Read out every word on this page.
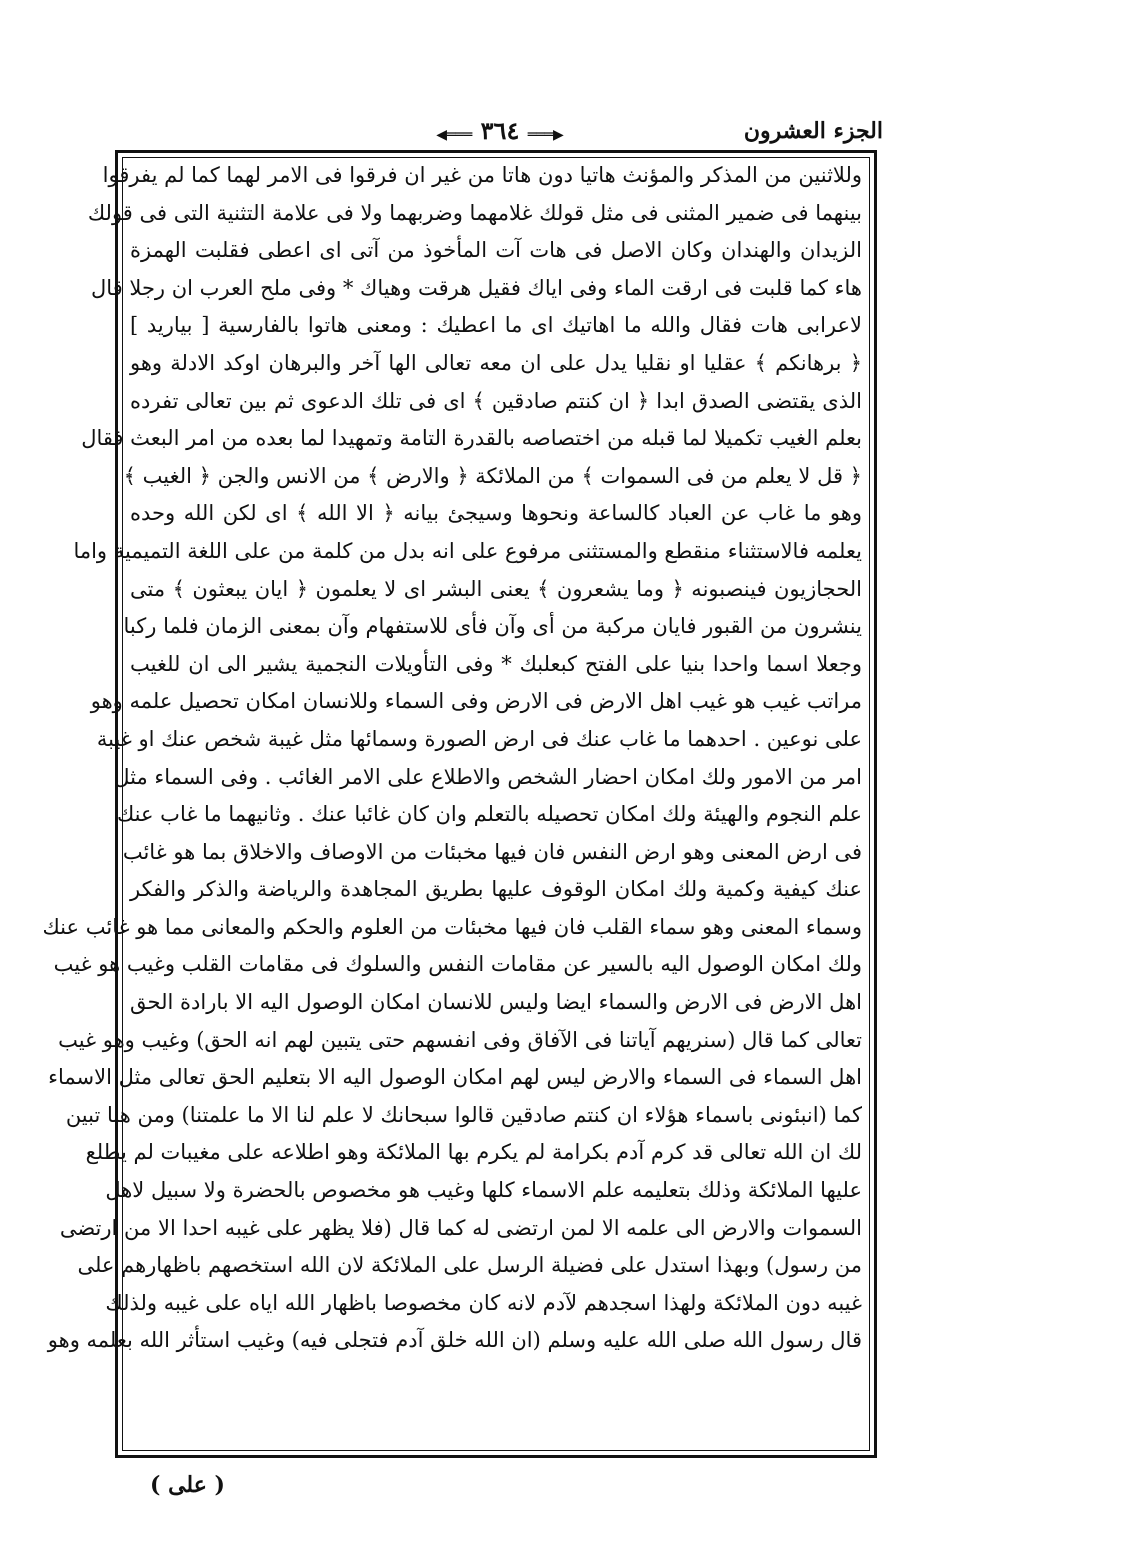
الجزء العشرون
◀═══ ٣٦٤ ═══▶
وللاثنين من المذكر والمؤنث هاتيا دون هاتا من غير ان فرقوا فى الامر لهما كما لم يفرقوا
بينهما فى ضمير المثنى فى مثل قولك غلامهما وضربهما ولا فى علامة التثنية التى فى قولك
الزيدان والهندان وكان الاصل فى هات آت المأخوذ من آتى اى اعطى فقلبت الهمزة
هاء كما قلبت فى ارقت الماء وفى اياك فقيل هرقت وهياك * وفى ملح العرب ان رجلا قال
لاعرابى هات فقال والله ما اهاتيك اى ما اعطيك : ومعنى هاتوا بالفارسية [ بياريد ]
﴿ برهانكم ﴾ عقليا او نقليا يدل على ان معه تعالى الها آخر والبرهان اوكد الادلة وهو
الذى يقتضى الصدق ابدا ﴿ ان كنتم صادقين ﴾ اى فى تلك الدعوى ثم بين تعالى تفرده
بعلم الغيب تكميلا لما قبله من اختصاصه بالقدرة التامة وتمهيدا لما بعده من امر البعث فقال
﴿ قل لا يعلم من فى السموات ﴾ من الملائكة ﴿ والارض ﴾ من الانس والجن ﴿ الغيب ﴾
وهو ما غاب عن العباد كالساعة ونحوها وسيجئ بيانه ﴿ الا الله ﴾ اى لكن الله وحده
يعلمه فالاستثناء منقطع والمستثنى مرفوع على انه بدل من كلمة من على اللغة التميمية واما
الحجازيون فينصبونه ﴿ وما يشعرون ﴾ يعنى البشر اى لا يعلمون ﴿ ايان يبعثون ﴾ متى
ينشرون من القبور فايان مركبة من أى وآن فأى للاستفهام وآن بمعنى الزمان فلما ركبا
وجعلا اسما واحدا بنيا على الفتح كبعلبك * وفى التأويلات النجمية يشير الى ان للغيب
مراتب غيب هو غيب اهل الارض فى الارض وفى السماء وللانسان امكان تحصيل علمه وهو
على نوعين . احدهما ما غاب عنك فى ارض الصورة وسمائها مثل غيبة شخص عنك او غيبة
امر من الامور ولك امكان احضار الشخص والاطلاع على الامر الغائب . وفى السماء مثل
علم النجوم والهيئة ولك امكان تحصيله بالتعلم وان كان غائبا عنك . وثانيهما ما غاب عنك
فى ارض المعنى وهو ارض النفس فان فيها مخبئات من الاوصاف والاخلاق بما هو غائب
عنك كيفية وكمية ولك امكان الوقوف عليها بطريق المجاهدة والرياضة والذكر والفكر
وسماء المعنى وهو سماء القلب فان فيها مخبئات من العلوم والحكم والمعانى مما هو غائب عنك
ولك امكان الوصول اليه بالسير عن مقامات النفس والسلوك فى مقامات القلب وغيب هو غيب
اهل الارض فى الارض والسماء ايضا وليس للانسان امكان الوصول اليه الا بارادة الحق
تعالى كما قال (سنريهم آياتنا فى الآفاق وفى انفسهم حتى يتبين لهم انه الحق) وغيب وهو غيب
اهل السماء فى السماء والارض ليس لهم امكان الوصول اليه الا بتعليم الحق تعالى مثل الاسماء
كما (انبئونى باسماء هؤلاء ان كنتم صادقين قالوا سبحانك لا علم لنا الا ما علمتنا) ومن هنا تبين
لك ان الله تعالى قد كرم آدم بكرامة لم يكرم بها الملائكة وهو اطلاعه على مغيبات لم يطلع
عليها الملائكة وذلك بتعليمه علم الاسماء كلها وغيب هو مخصوص بالحضرة ولا سبيل لاهل
السموات والارض الى علمه الا لمن ارتضى له كما قال (فلا يظهر على غيبه احدا الا من ارتضى
من رسول) وبهذا استدل على فضيلة الرسل على الملائكة لان الله استخصهم باظهارهم على
غيبه دون الملائكة ولهذا اسجدهم لآدم لانه كان مخصوصا باظهار الله اياه على غيبه ولذلك
قال رسول الله صلى الله عليه وسلم (ان الله خلق آدم فتجلى فيه) وغيب استأثر الله بعلمه وهو
( على )
